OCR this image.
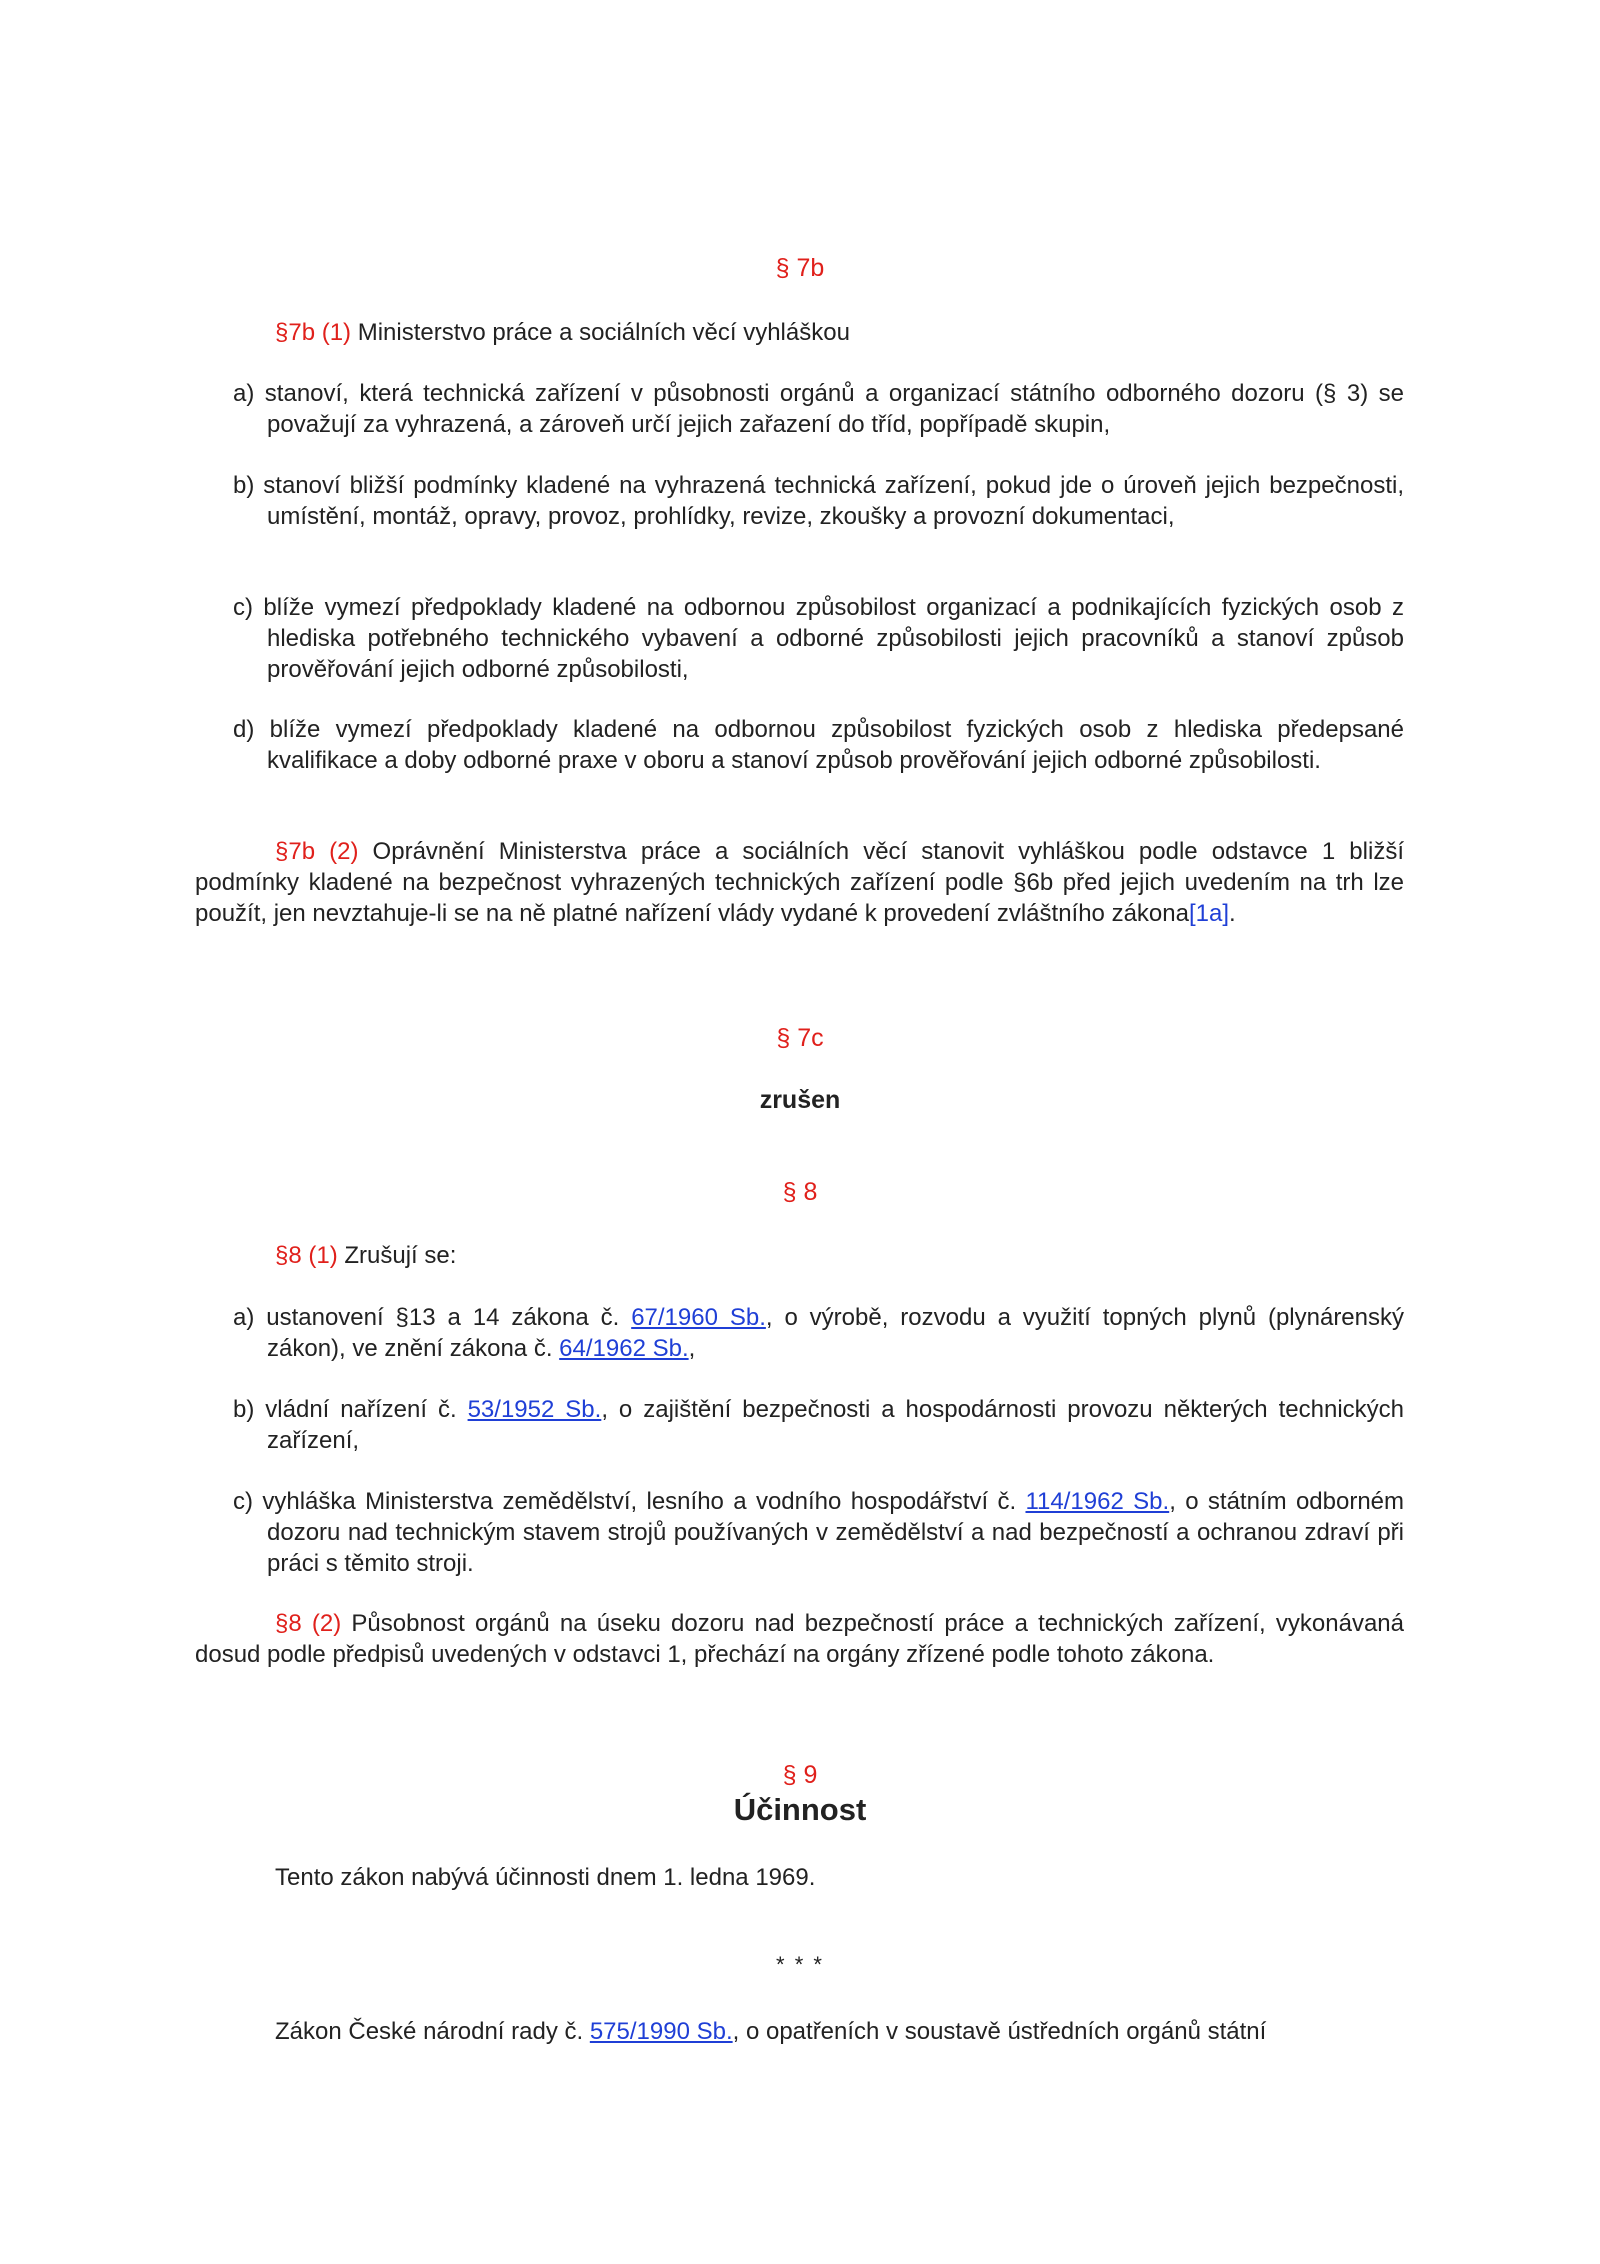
§ 7b
§7b (1) Ministerstvo práce a sociálních věcí vyhláškou
a) stanoví, která technická zařízení v působnosti orgánů a organizací státního odborného dozoru (§ 3) se považují za vyhrazená, a zároveň určí jejich zařazení do tříd, popřípadě skupin,
b) stanoví bližší podmínky kladené na vyhrazená technická zařízení, pokud jde o úroveň jejich bezpečnosti, umístění, montáž, opravy, provoz, prohlídky, revize, zkoušky a provozní dokumentaci,
c) blíže vymezí předpoklady kladené na odbornou způsobilost organizací a podnikajících fyzických osob z hlediska potřebného technického vybavení a odborné způsobilosti jejich pracovníků a stanoví způsob prověřování jejich odborné způsobilosti,
d) blíže vymezí předpoklady kladené na odbornou způsobilost fyzických osob z hlediska předepsané kvalifikace a doby odborné praxe v oboru a stanoví způsob prověřování jejich odborné způsobilosti.
§7b (2) Oprávnění Ministerstva práce a sociálních věcí stanovit vyhláškou podle odstavce 1 bližší podmínky kladené na bezpečnost vyhrazených technických zařízení podle §6b před jejich uvedením na trh lze použít, jen nevztahuje-li se na ně platné nařízení vlády vydané k provedení zvláštního zákona[1a].
§ 7c
zrušen
§ 8
§8 (1) Zrušují se:
a) ustanovení §13 a 14 zákona č. 67/1960 Sb., o výrobě, rozvodu a využití topných plynů (plynárenský zákon), ve znění zákona č. 64/1962 Sb.,
b) vládní nařízení č. 53/1952 Sb., o zajištění bezpečnosti a hospodárnosti provozu některých technických zařízení,
c) vyhláška Ministerstva zemědělství, lesního a vodního hospodářství č. 114/1962 Sb., o státním odborném dozoru nad technickým stavem strojů používaných v zemědělství a nad bezpečností a ochranou zdraví při práci s těmito stroji.
§8 (2) Působnost orgánů na úseku dozoru nad bezpečností práce a technických zařízení, vykonávaná dosud podle předpisů uvedených v odstavci 1, přechází na orgány zřízené podle tohoto zákona.
§ 9
Účinnost
Tento zákon nabývá účinnosti dnem 1. ledna 1969.
* * *
Zákon České národní rady č. 575/1990 Sb., o opatřeních v soustavě ústředních orgánů státní
